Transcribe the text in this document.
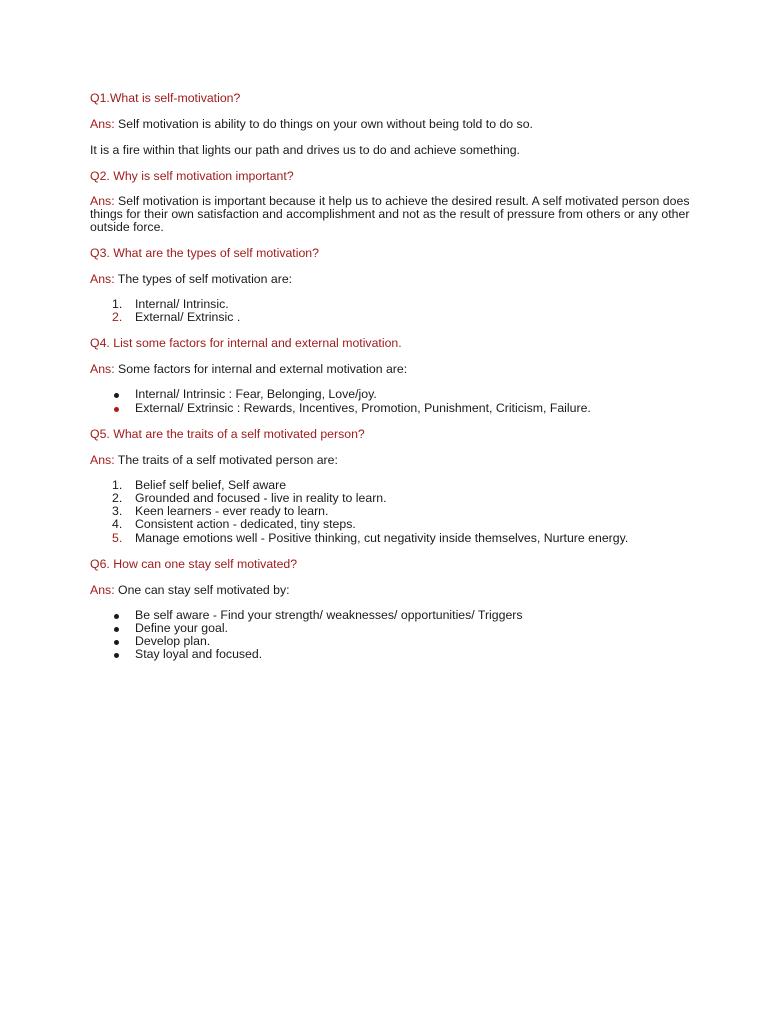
Q1.What is self-motivation?
Ans: Self motivation is ability to do things on your own without being told to do so.
It is a fire within that lights our path and drives us to do and achieve something.
Q2. Why is self motivation important?
Ans: Self motivation is important because it help us to achieve the desired result. A self motivated person does things for their own satisfaction and accomplishment and not as the result of pressure from others or any other outside force.
Q3. What are the types of self motivation?
Ans: The types of self motivation are:
1. Internal/ Intrinsic.
2. External/ Extrinsic .
Q4. List some factors for internal and external motivation.
Ans: Some factors for internal and external motivation are:
Internal/ Intrinsic : Fear, Belonging, Love/joy.
External/ Extrinsic : Rewards, Incentives, Promotion, Punishment, Criticism, Failure.
Q5. What are the traits of a self motivated person?
Ans: The traits of a self motivated person are:
1. Belief self belief, Self aware
2. Grounded and focused - live in reality to learn.
3. Keen learners - ever ready to learn.
4. Consistent action - dedicated, tiny steps.
5. Manage emotions well - Positive thinking, cut negativity inside themselves, Nurture energy.
Q6. How can one stay self motivated?
Ans: One can stay self motivated by:
Be self aware - Find your strength/ weaknesses/ opportunities/ Triggers
Define your goal.
Develop plan.
Stay loyal and focused.
